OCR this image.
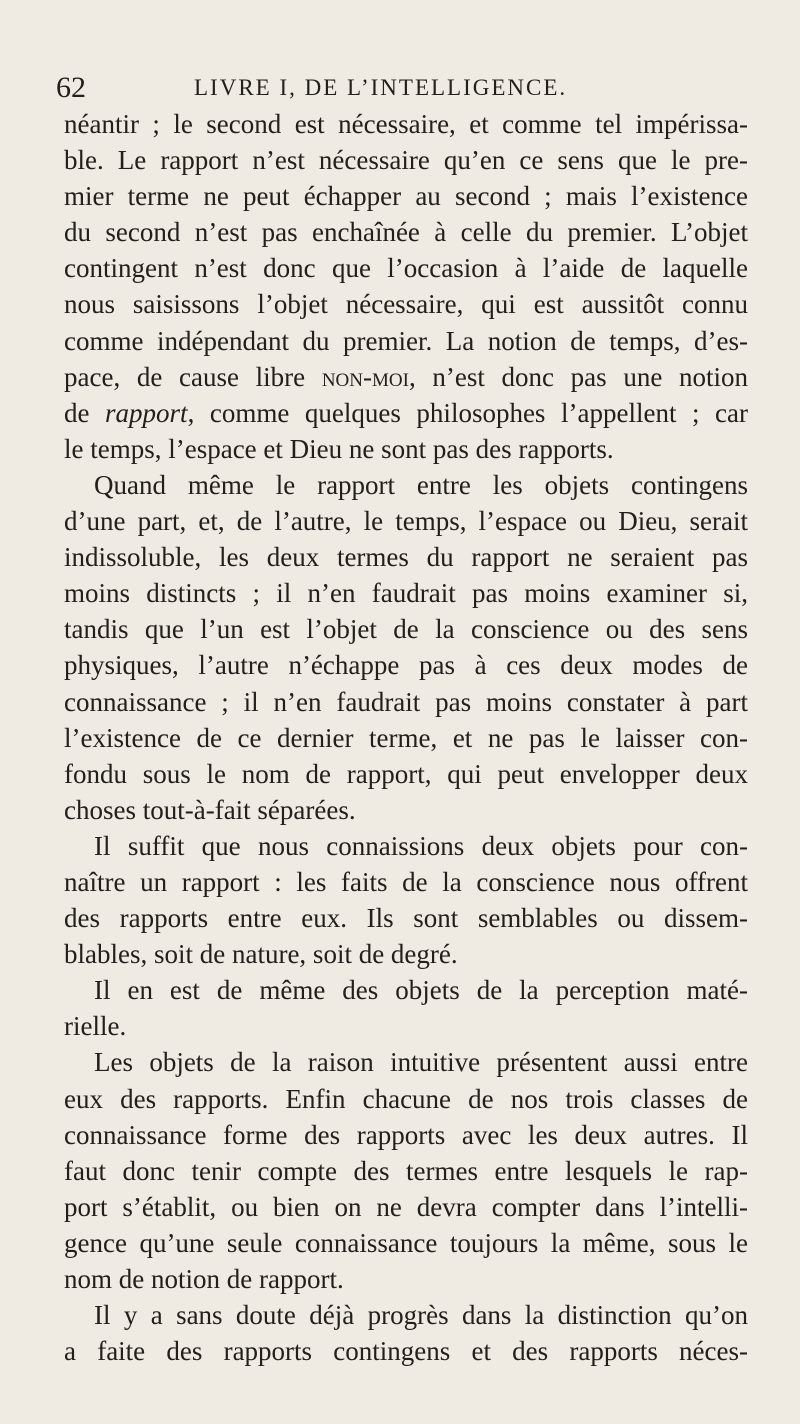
62	LIVRE I, DE L’INTELLIGENCE.
néantir ; le second est nécessaire, et comme tel impérissa-
ble. Le rapport n’est nécessaire qu’en ce sens que le pre-
mier terme ne peut échapper au second ; mais l’existence
du second n’est pas enchaînée à celle du premier. L’objet
contingent n’est donc que l’occasion à l’aide de laquelle
nous saisissons l’objet nécessaire, qui est aussitôt connu
comme indépendant du premier. La notion de temps, d’es-
pace, de cause libre non-moi, n’est donc pas une notion
de rapport, comme quelques philosophes l’appellent ; car
le temps, l’espace et Dieu ne sont pas des rapports.
Quand même le rapport entre les objets contingens
d’une part, et, de l’autre, le temps, l’espace ou Dieu, serait
indissoluble, les deux termes du rapport ne seraient pas
moins distincts ; il n’en faudrait pas moins examiner si,
tandis que l’un est l’objet de la conscience ou des sens
physiques, l’autre n’échappe pas à ces deux modes de
connaissance ; il n’en faudrait pas moins constater à part
l’existence de ce dernier terme, et ne pas le laisser con-
fondu sous le nom de rapport, qui peut envelopper deux
choses tout-à-fait séparées.
Il suffit que nous connaissions deux objets pour con-
naître un rapport : les faits de la conscience nous offrent
des rapports entre eux. Ils sont semblables ou dissem-
blables, soit de nature, soit de degré.
Il en est de même des objets de la perception maté-
rielle.
Les objets de la raison intuitive présentent aussi entre
eux des rapports. Enfin chacune de nos trois classes de
connaissance forme des rapports avec les deux autres. Il
faut donc tenir compte des termes entre lesquels le rap-
port s’établit, ou bien on ne devra compter dans l’intelli-
gence qu’une seule connaissance toujours la même, sous le
nom de notion de rapport.
Il y a sans doute déjà progrès dans la distinction qu’on
a faite des rapports contingens et des rapports néces-
